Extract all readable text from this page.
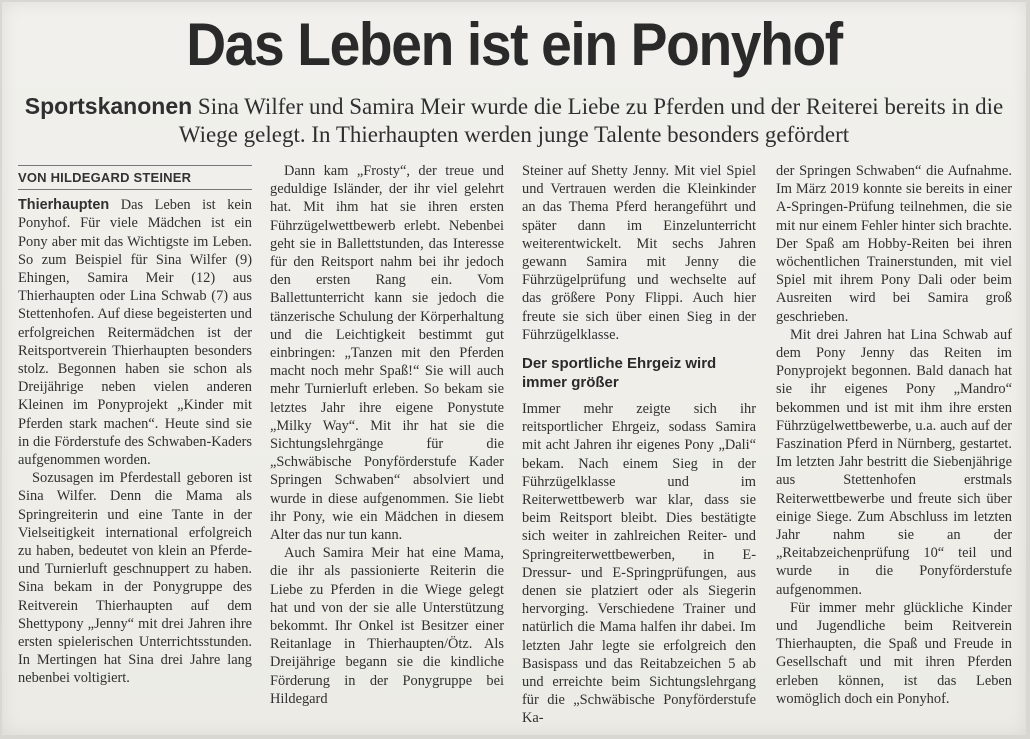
Das Leben ist ein Ponyhof
Sportskanonen Sina Wilfer und Samira Meir wurde die Liebe zu Pferden und der Reiterei bereits in die Wiege gelegt. In Thierhaupten werden junge Talente besonders gefördert
VON HILDEGARD STEINER

Thierhaupten Das Leben ist kein Ponyhof. Für viele Mädchen ist ein Pony aber mit das Wichtigste im Leben. So zum Beispiel für Sina Wilfer (9) Ehingen, Samira Meir (12) aus Thierhaupten oder Lina Schwab (7) aus Stettenhofen. Auf diese begeisterten und erfolgreichen Reitermädchen ist der Reitsportverein Thierhaupten besonders stolz. Begonnen haben sie schon als Dreijährige neben vielen anderen Kleinen im Ponyprojekt „Kinder mit Pferden stark machen“. Heute sind sie in die Förderstufe des Schwaben-Kaders aufgenommen worden.

Sozusagen im Pferdestall geboren ist Sina Wilfer. Denn die Mama als Springreiterin und eine Tante in der Vielseitigkeit international erfolgreich zu haben, bedeutet von klein an Pferde- und Turnierluft geschnuppert zu haben. Sina bekam in der Ponygruppe des Reitverein Thierhaupten auf dem Shettypony „Jenny“ mit drei Jahren ihre ersten spielerischen Unterrichtsstunden. In Mertingen hat Sina drei Jahre lang nebenbei voltigiert.

Dann kam „Frosty“, der treue und geduldige Isländer, der ihr viel gelehrt hat. Mit ihm hat sie ihren ersten Führzügelwettbewerb erlebt. Nebenbei geht sie in Ballettstunden, das Interesse für den Reitsport nahm bei ihr jedoch den ersten Rang ein. Vom Ballettunterricht kann sie jedoch die tänzerische Schulung der Körperhaltung und die Leichtigkeit bestimmt gut einbringen: „Tanzen mit den Pferden macht noch mehr Spaß!“ Sie will auch mehr Turnierluft erleben. So bekam sie letztes Jahr ihre eigene Ponystute „Milky Way“. Mit ihr hat sie die Sichtungslehrgänge für die „Schwäbische Ponyförderstufe Kader Springen Schwaben“ absolviert und wurde in diese aufgenommen. Sie liebt ihr Pony, wie ein Mädchen in diesem Alter das nur tun kann.

Auch Samira Meir hat eine Mama, die ihr als passionierte Reiterin die Liebe zu Pferden in die Wiege gelegt hat und von der sie alle Unterstützung bekommt. Ihr Onkel ist Besitzer einer Reitanlage in Thierhaupten/Ötz. Als Dreijährige begann sie die kindliche Förderung in der Ponygruppe bei Hildegard

Steiner auf Shetty Jenny. Mit viel Spiel und Vertrauen werden die Kleinkinder an das Thema Pferd herangeführt und später dann im Einzelunterricht weiterentwickelt. Mit sechs Jahren gewann Samira mit Jenny die Führzügelprüfung und wechselte auf das größere Pony Flippi. Auch hier freute sie sich über einen Sieg in der Führzügelklasse.

Der sportliche Ehrgeiz wird immer größer

Immer mehr zeigte sich ihr reitsportlicher Ehrgeiz, sodass Samira mit acht Jahren ihr eigenes Pony „Dali“ bekam. Nach einem Sieg in der Führzügelklasse und im Reiterwettbewerb war klar, dass sie beim Reitsport bleibt. Dies bestätigte sich weiter in zahlreichen Reiter- und Springreiterwettbewerben, in E-Dressur- und E-Springprüfungen, aus denen sie platziert oder als Siegerin hervorging. Verschiedene Trainer und natürlich die Mama halfen ihr dabei. Im letzten Jahr legte sie erfolgreich den Basispass und das Reitabzeichen 5 ab und erreichte beim Sichtungslehrgang für die „Schwäbische Ponyförderstufe Ka-

der Springen Schwaben“ die Aufnahme. Im März 2019 konnte sie bereits in einer A-Springen-Prüfung teilnehmen, die sie mit nur einem Fehler hinter sich brachte. Der Spaß am Hobby-Reiten bei ihren wöchentlichen Trainerstunden, mit viel Spiel mit ihrem Pony Dali oder beim Ausreiten wird bei Samira groß geschrieben.

Mit drei Jahren hat Lina Schwab auf dem Pony Jenny das Reiten im Ponyprojekt begonnen. Bald danach hat sie ihr eigenes Pony „Mandro“ bekommen und ist mit ihm ihre ersten Führzügelwettbewerbe, u.a. auch auf der Faszination Pferd in Nürnberg, gestartet. Im letzten Jahr bestritt die Siebenjährige aus Stettenhofen erstmals Reiterwettbewerbe und freute sich über einige Siege. Zum Abschluss im letzten Jahr nahm sie an der „Reitabzeichenprüfung 10“ teil und wurde in die Ponyförderstufe aufgenommen.

Für immer mehr glückliche Kinder und Jugendliche beim Reitverein Thierhaupten, die Spaß und Freude in Gesellschaft und mit ihren Pferden erleben können, ist das Leben womöglich doch ein Ponyhof.
